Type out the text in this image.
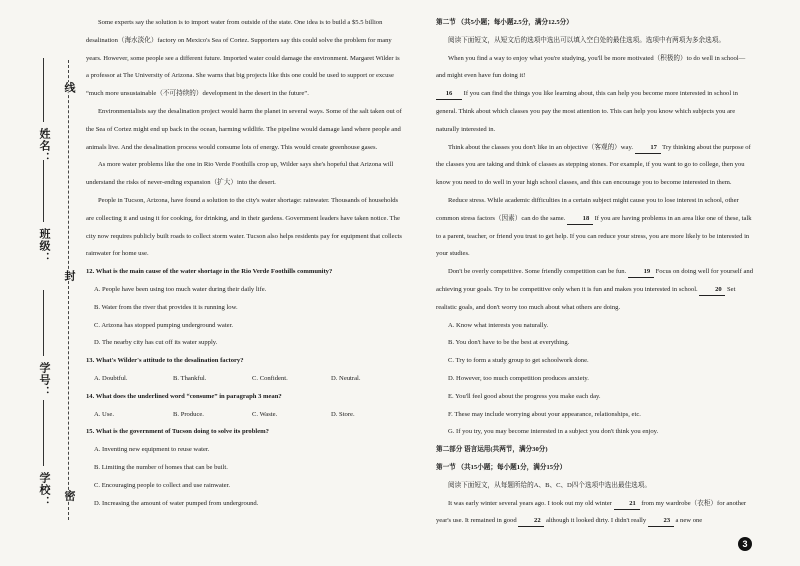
姓名：
班级：
学号：
学校：
线
封
密

Some experts say the solution is to import water from outside of the state. One idea is to build a $5.5 billion desalination（海水淡化）factory on Mexico's Sea of Cortez. Supporters say this could solve the problem for many years. However, some people see a different future. Imported water could damage the environment. Margaret Wilder is a professor at The University of Arizona. She warns that big projects like this one could be used to support or excuse “much more unsustainable（不可持续的）development in the desert in the future”.

Environmentalists say the desalination project would harm the planet in several ways. Some of the salt taken out of the Sea of Cortez might end up back in the ocean, harming wildlife. The pipeline would damage land where people and animals live. And the desalination process would consume lots of energy. This would create greenhouse gases.

As more water problems like the one in Rio Verde Foothills crop up, Wilder says she's hopeful that Arizona will understand the risks of never-ending expansion（扩大）into the desert.

People in Tucson, Arizona, have found a solution to the city's water shortage: rainwater. Thousands of households are collecting it and using it for cooking, for drinking, and in their gardens. Government leaders have taken notice. The city now requires publicly built roads to collect storm water. Tucson also helps residents pay for equipment that collects rainwater for home use.

12. What is the main cause of the water shortage in the Rio Verde Foothills community?

A. People have been using too much water during their daily life.

B. Water from the river that provides it is running low.

C. Arizona has stopped pumping underground water.

D. The nearby city has cut off its water supply.

13. What's Wilder's attitude to the desalination factory?

A. Doubtful.	B. Thankful.	C. Confident.	D. Neutral.

14. What does the underlined word “consume” in paragraph 3 mean?

A. Use.	B. Produce.	C. Waste.	D. Store.

15. What is the government of Tucson doing to solve its problem?

A. Inventing new equipment to reuse water.

B. Limiting the number of homes that can be built.

C. Encouraging people to collect and use rainwater.

D. Increasing the amount of water pumped from underground.

第二节 （共5小题；每小题2.5分，满分12.5分）

阅读下面短文，从短文后的选项中选出可以填入空白处的最佳选项。选项中有两项为多余选项。

When you find a way to enjoy what you're studying, you'll be more motivated（积极的）to do well in school—and might even have fun doing it!

16 If you can find the things you like learning about, this can help you become more interested in school in general. Think about which classes you pay the most attention to. This can help you know which subjects you are naturally interested in.

Think about the classes you don't like in an objective（客观的）way.	17 Try thinking about the purpose of the classes you are taking and think of classes as stepping stones. For example, if you want to go to college, then you know you need to do well in your high school classes, and this can encourage you to become interested in them.

Reduce stress. While academic difficulties in a certain subject might cause you to lose interest in school, other common stress factors（因素）can do the same.	18 If you are having problems in an area like one of these, talk to a parent, teacher, or friend you trust to get help. If you can reduce your stress, you are more likely to be interested in your studies.

Don't be overly competitive. Some friendly competition can be fun.	19 Focus on doing well for yourself and achieving your goals. Try to be competitive only when it is fun and makes you interested in school.	20 Set realistic goals, and don't worry too much about what others are doing.

A. Know what interests you naturally.

B. You don't have to be the best at everything.

C. Try to form a study group to get schoolwork done.

D. However, too much competition produces anxiety.

E. You'll feel good about the progress you make each day.

F. These may include worrying about your appearance, relationships, etc.

G. If you try, you may become interested in a subject you don't think you enjoy.

第二部分 语言运用(共两节，满分30分)

第一节 （共15小题；每小题1分，满分15分）

阅读下面短文，从每题所给的A、B、C、D四个选项中选出最佳选项。

It was early winter several years ago. I took out my old winter	21 from my wardrobe（衣柜）for another year's use. It remained in good	22 although it looked dirty. I didn't really	23 a new one

3
